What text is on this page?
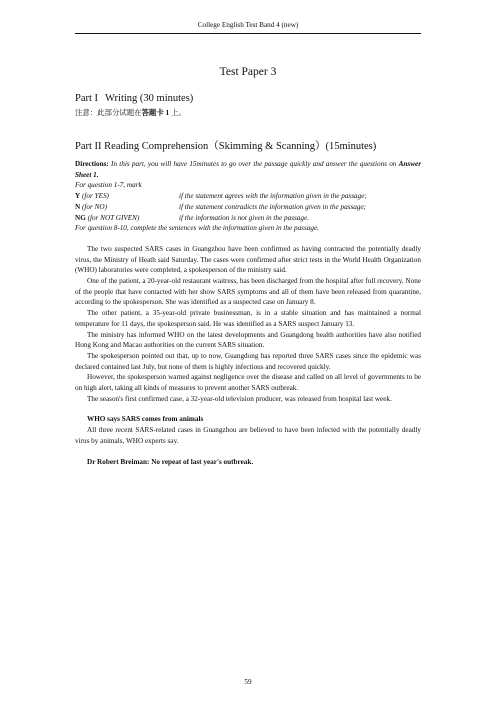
College English Test Band 4 (new)
Test Paper 3
Part I Writing (30 minutes)
注意：此部分试题在答题卡 1 上。
Part II Reading Comprehension（Skimming & Scanning）(15minutes)

Directions: In this part, you will have 15minutes to go over the passage quickly and answer the questions on Answer Sheet 1.

For question 1-7, mark

Y (for YES)	if the statement agrees with the information given in the passage;
N (for NO)	if the statement contradicts the information given in the passage;
NG (for NOT GIVEN)	if the information is not given in the passage.

For question 8-10, complete the sentences with the information given in the passage.

The two suspected SARS cases in Guangzhou have been confirmed as having contracted the potentially deadly virus, the Ministry of Heath said Saturday. The cases were confirmed after strict tests in the World Health Organization (WHO) laboratories were completed, a spokesperson of the ministry said.

One of the patient, a 20-year-old restaurant waitress, has been discharged from the hospital after full recovery. None of the people that have contacted with her show SARS symptoms and all of them have been released from quarantine, according to the spokesperson. She was identified as a suspected case on January 8.

The other patient, a 35-year-old private businessman, is in a stable situation and has maintained a normal temperature for 11 days, the spokesperson said. He was identified as a SARS suspect January 13.

The ministry has informed WHO on the latest developments and Guangdong health authorities have also notified Hong Kong and Macao authorities on the current SARS situation.

The spokesperson pointed out that, up to now, Guangdong has reported three SARS cases since the epidemic was declared contained last July, but none of them is highly infectious and recovered quickly.

However, the spokesperson warned against negligence over the disease and called on all level of governments to be on high alert, taking all kinds of measures to prevent another SARS outbreak.

The season's first confirmed case, a 32-year-old television producer, was released from hospital last week.

WHO says SARS comes from animals

All three recent SARS-related cases in Guangzhou are believed to have been infected with the potentially deadly virus by animals, WHO experts say.

Dr Robert Breiman: No repeat of last year's outbreak.

59
